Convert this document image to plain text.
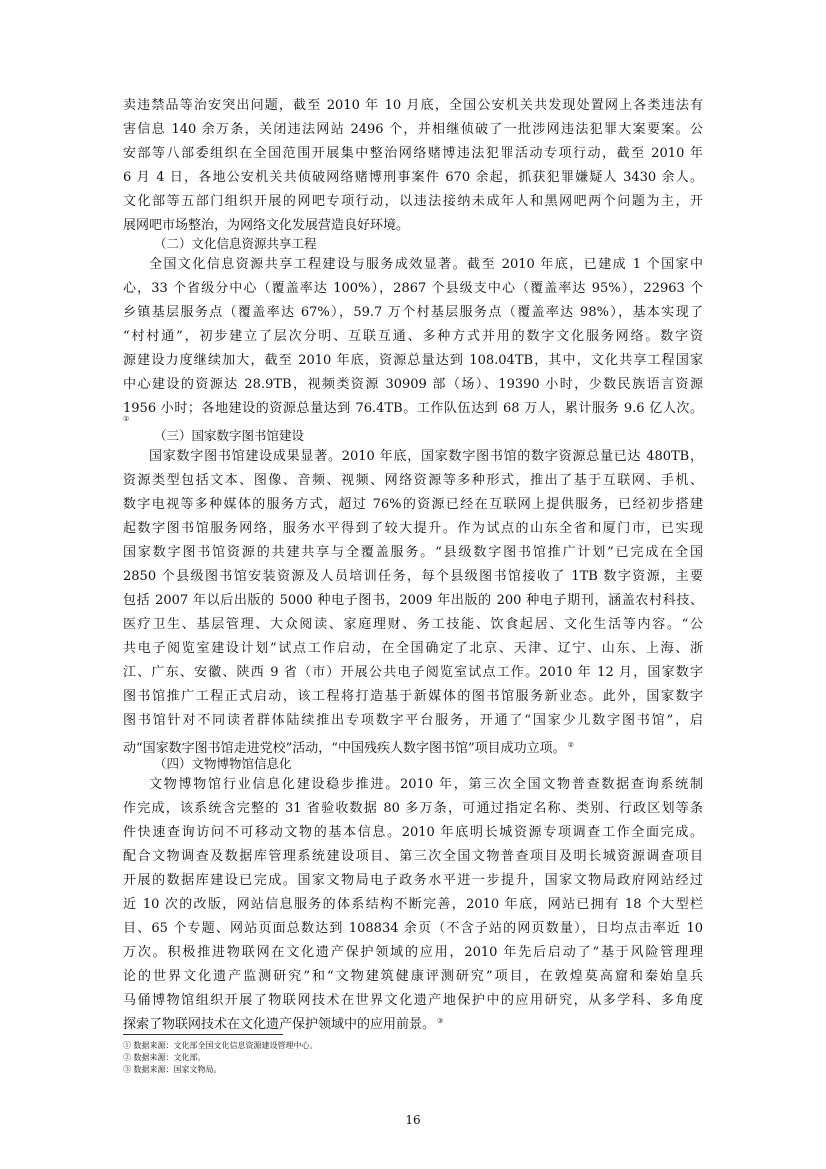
卖违禁品等治安突出问题，截至 2010 年 10 月底，全国公安机关共发现处置网上各类违法有
害信息 140 余万条，关闭违法网站 2496 个，并相继侦破了一批涉网违法犯罪大案要案。公
安部等八部委组织在全国范围开展集中整治网络赌博违法犯罪活动专项行动，截至 2010 年
6 月 4 日，各地公安机关共侦破网络赌博刑事案件 670 余起，抓获犯罪嫌疑人 3430 余人。
文化部等五部门组织开展的网吧专项行动，以违法接纳未成年人和黑网吧两个问题为主，开
展网吧市场整治，为网络文化发展营造良好环境。
（二）文化信息资源共享工程
全国文化信息资源共享工程建设与服务成效显著。截至 2010 年底，已建成 1 个国家中
心，33 个省级分中心（覆盖率达 100%），2867 个县级支中心（覆盖率达 95%），22963 个
乡镇基层服务点（覆盖率达 67%），59.7 万个村基层服务点（覆盖率达 98%），基本实现了
“村村通”，初步建立了层次分明、互联互通、多种方式并用的数字文化服务网络。数字资
源建设力度继续加大，截至 2010 年底，资源总量达到 108.04TB，其中，文化共享工程国家
中心建设的资源达 28.9TB，视频类资源 30909 部（场）、19390 小时，少数民族语言资源
1956 小时；各地建设的资源总量达到 76.4TB。工作队伍达到 68 万人，累计服务 9.6 亿人次。
①
（三）国家数字图书馆建设
国家数字图书馆建设成果显著。2010 年底，国家数字图书馆的数字资源总量已达 480TB，
资源类型包括文本、图像、音频、视频、网络资源等多种形式，推出了基于互联网、手机、
数字电视等多种媒体的服务方式，超过 76%的资源已经在互联网上提供服务，已经初步搭建
起数字图书馆服务网络，服务水平得到了较大提升。作为试点的山东全省和厦门市，已实现
国家数字图书馆资源的共建共享与全覆盖服务。“县级数字图书馆推广计划”已完成在全国
2850 个县级图书馆安装资源及人员培训任务，每个县级图书馆接收了 1TB 数字资源，主要
包括 2007 年以后出版的 5000 种电子图书，2009 年出版的 200 种电子期刊，涵盖农村科技、
医疗卫生、基层管理、大众阅读、家庭理财、务工技能、饮食起居、文化生活等内容。“公
共电子阅览室建设计划”试点工作启动，在全国确定了北京、天津、辽宁、山东、上海、浙
江、广东、安徽、陕西 9 省（市）开展公共电子阅览室试点工作。2010 年 12 月，国家数字
图书馆推广工程正式启动，该工程将打造基于新媒体的图书馆服务新业态。此外，国家数字
图书馆针对不同读者群体陆续推出专项数字平台服务，开通了“国家少儿数字图书馆”，启
动“国家数字图书馆走进党校”活动，“中国残疾人数字图书馆”项目成功立项。 ②
（四）文物博物馆信息化
文物博物馆行业信息化建设稳步推进。2010 年，第三次全国文物普查数据查询系统制
作完成，该系统含完整的 31 省验收数据 80 多万条，可通过指定名称、类别、行政区划等条
件快速查询访问不可移动文物的基本信息。2010 年底明长城资源专项调查工作全面完成。
配合文物调查及数据库管理系统建设项目、第三次全国文物普查项目及明长城资源调查项目
开展的数据库建设已完成。国家文物局电子政务水平进一步提升，国家文物局政府网站经过
近 10 次的改版，网站信息服务的体系结构不断完善，2010 年底，网站已拥有 18 个大型栏
目、65 个专题、网站页面总数达到 108834 余页（不含子站的网页数量），日均点击率近 10
万次。积极推进物联网在文化遗产保护领域的应用，2010 年先后启动了“基于风险管理理
论的世界文化遗产监测研究”和“文物建筑健康评测研究”项目，在敦煌莫高窟和秦始皇兵
马俑博物馆组织开展了物联网技术在世界文化遗产地保护中的应用研究，从多学科、多角度
探索了物联网技术在文化遗产保护领域中的应用前景。 ③
① 数据来源：文化部全国文化信息资源建设管理中心。
② 数据来源：文化部。
③ 数据来源：国家文物局。
16
